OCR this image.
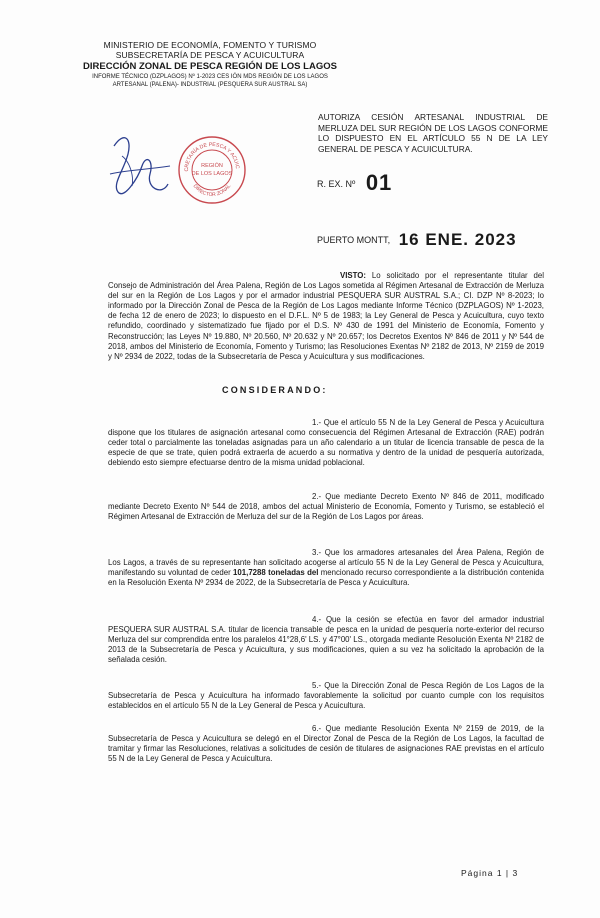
MINISTERIO DE ECONOMÍA, FOMENTO Y TURISMO
SUBSECRETARÍA DE PESCA Y ACUICULTURA
DIRECCIÓN ZONAL DE PESCA REGIÓN DE LOS LAGOS
INFORME TÉCNICO (DZPLAGOS) Nº 1-2023 CES IÓN MDS REGIÓN DE LOS LAGOS
ARTESANAL (PALENA)- INDUSTRIAL (PESQUERA SUR AUSTRAL SA)
AUTORIZA CESIÓN ARTESANAL INDUSTRIAL DE MERLUZA DEL SUR REGIÓN DE LOS LAGOS CONFORME LO DISPUESTO EN EL ARTÍCULO 55 N DE LA LEY GENERAL DE PESCA Y ACUICULTURA.
CRETARÍA DE PESCA Y ACUIC
REGIÓN
DE LOS LAGOS
DIRECTOR ZONAL	R. EX. Nº 01
PUERTO MONTT, 16 ENE. 2023
VISTO: Lo solicitado por el representante titular del Consejo de Administración del Área Palena, Región de Los Lagos sometida al Régimen Artesanal de Extracción de Merluza del sur en la Región de Los Lagos y por el armador industrial PESQUERA SUR AUSTRAL S.A.; CI. DZP Nº 8-2023; lo informado por la Dirección Zonal de Pesca de la Región de Los Lagos mediante Informe Técnico (DZPLAGOS) Nº 1-2023, de fecha 12 de enero de 2023; lo dispuesto en el D.F.L. Nº 5 de 1983; la Ley General de Pesca y Acuicultura, cuyo texto refundido, coordinado y sistematizado fue fijado por el D.S. Nº 430 de 1991 del Ministerio de Economía, Fomento y Reconstrucción; las Leyes Nº 19.880, Nº 20.560, Nº 20.632 y Nº 20.657; los Decretos Exentos Nº 846 de 2011 y Nº 544 de 2018, ambos del Ministerio de Economía, Fomento y Turismo; las Resoluciones Exentas Nº 2182 de 2013, Nº 2159 de 2019 y Nº 2934 de 2022, todas de la Subsecretaría de Pesca y Acuicultura y sus modificaciones.
CONSIDERANDO:
1.- Que el artículo 55 N de la Ley General de Pesca y Acuicultura dispone que los titulares de asignación artesanal como consecuencia del Régimen Artesanal de Extracción (RAE) podrán ceder total o parcialmente las toneladas asignadas para un año calendario a un titular de licencia transable de pesca de la especie de que se trate, quien podrá extraerla de acuerdo a su normativa y dentro de la unidad de pesquería autorizada, debiendo esto siempre efectuarse dentro de la misma unidad poblacional.
2.- Que mediante Decreto Exento Nº 846 de 2011, modificado mediante Decreto Exento Nº 544 de 2018, ambos del actual Ministerio de Economía, Fomento y Turismo, se estableció el Régimen Artesanal de Extracción de Merluza del sur de la Región de Los Lagos por áreas.
3.- Que los armadores artesanales del Área Palena, Región de Los Lagos, a través de su representante han solicitado acogerse al artículo 55 N de la Ley General de Pesca y Acuicultura, manifestando su voluntad de ceder 101,7288 toneladas del mencionado recurso correspondiente a la distribución contenida en la Resolución Exenta Nº 2934 de 2022, de la Subsecretaría de Pesca y Acuicultura.
4.- Que la cesión se efectúa en favor del armador industrial PESQUERA SUR AUSTRAL S.A. titular de licencia transable de pesca en la unidad de pesquería norte-exterior del recurso Merluza del sur comprendida entre los paralelos 41°28,6' LS. y 47°00' LS., otorgada mediante Resolución Exenta Nº 2182 de 2013 de la Subsecretaría de Pesca y Acuicultura, y sus modificaciones, quien a su vez ha solicitado la aprobación de la señalada cesión.
5.- Que la Dirección Zonal de Pesca Región de Los Lagos de la Subsecretaría de Pesca y Acuicultura ha informado favorablemente la solicitud por cuanto cumple con los requisitos establecidos en el artículo 55 N de la Ley General de Pesca y Acuicultura.
6.- Que mediante Resolución Exenta Nº 2159 de 2019, de la Subsecretaría de Pesca y Acuicultura se delegó en el Director Zonal de Pesca de la Región de Los Lagos, la facultad de tramitar y firmar las Resoluciones, relativas a solicitudes de cesión de titulares de asignaciones RAE previstas en el artículo 55 N de la Ley General de Pesca y Acuicultura.
Página 1 | 3
